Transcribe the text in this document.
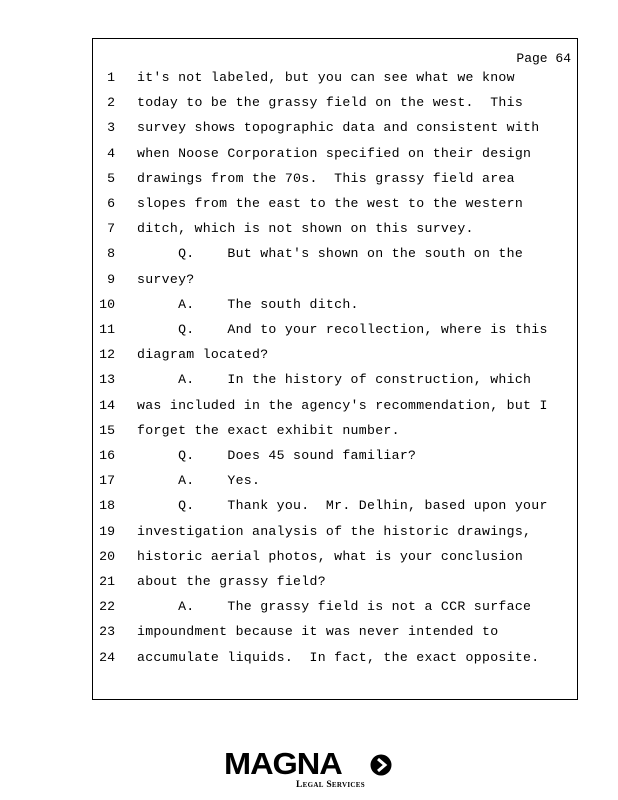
Page 64
1 it's not labeled, but you can see what we know
2 today to be the grassy field on the west.  This
3 survey shows topographic data and consistent with
4 when Noose Corporation specified on their design
5 drawings from the 70s.  This grassy field area
6 slopes from the east to the west to the western
7 ditch, which is not shown on this survey.
8 Q.    But what's shown on the south on the
9 survey?
10 A.    The south ditch.
11 Q.    And to your recollection, where is this
12 diagram located?
13 A.    In the history of construction, which
14 was included in the agency's recommendation, but I
15 forget the exact exhibit number.
16 Q.    Does 45 sound familiar?
17 A.    Yes.
18 Q.    Thank you.  Mr. Delhin, based upon your
19 investigation analysis of the historic drawings,
20 historic aerial photos, what is your conclusion
21 about the grassy field?
22 A.    The grassy field is not a CCR surface
23 impoundment because it was never intended to
24 accumulate liquids.  In fact, the exact opposite.
MAGNA
Legal Services
